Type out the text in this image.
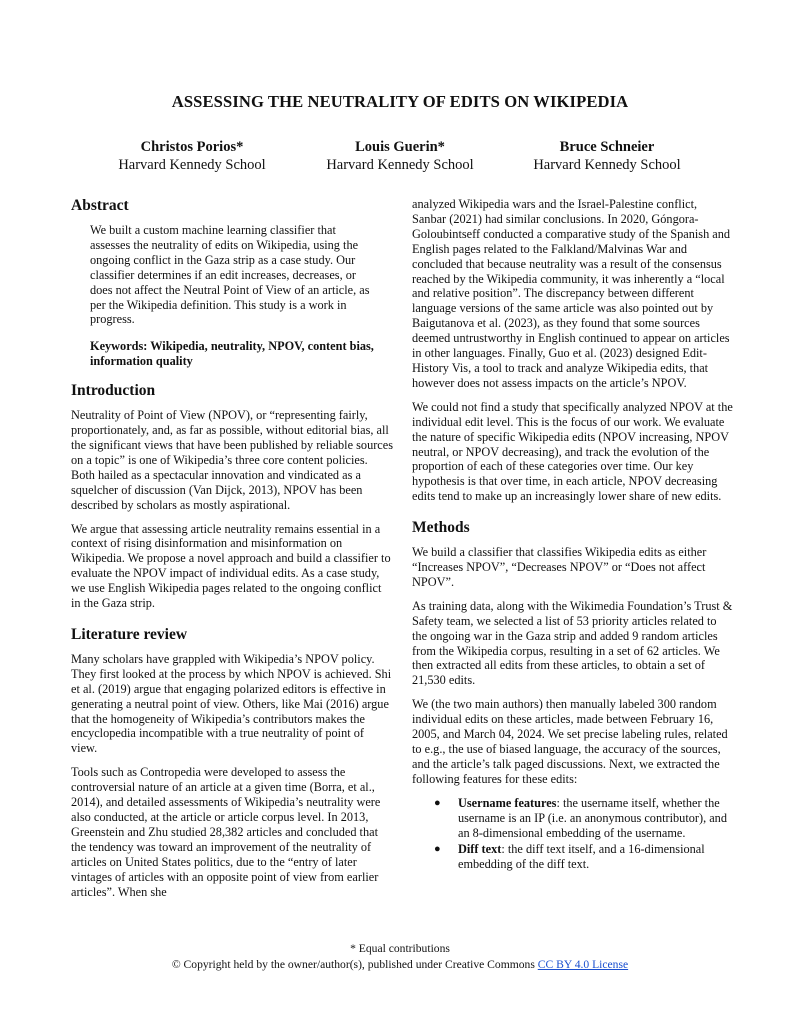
ASSESSING THE NEUTRALITY OF EDITS ON WIKIPEDIA
Christos Porios*
Harvard Kennedy School
Louis Guerin*
Harvard Kennedy School
Bruce Schneier
Harvard Kennedy School
Abstract

We built a custom machine learning classifier that assesses the neutrality of edits on Wikipedia, using the ongoing conflict in the Gaza strip as a case study. Our classifier determines if an edit increases, decreases, or does not affect the Neutral Point of View of an article, as per the Wikipedia definition. This study is a work in progress.

Keywords: Wikipedia, neutrality, NPOV, content bias, information quality

Introduction

Neutrality of Point of View (NPOV), or “representing fairly, proportionately, and, as far as possible, without editorial bias, all the significant views that have been published by reliable sources on a topic” is one of Wikipedia’s three core content policies. Both hailed as a spectacular innovation and vindicated as a squelcher of discussion (Van Dijck, 2013), NPOV has been described by scholars as mostly aspirational.

We argue that assessing article neutrality remains essential in a context of rising disinformation and misinformation on Wikipedia. We propose a novel approach and build a classifier to evaluate the NPOV impact of individual edits. As a case study, we use English Wikipedia pages related to the ongoing conflict in the Gaza strip.

Literature review

Many scholars have grappled with Wikipedia’s NPOV policy. They first looked at the process by which NPOV is achieved. Shi et al. (2019) argue that engaging polarized editors is effective in generating a neutral point of view. Others, like Mai (2016) argue that the homogeneity of Wikipedia’s contributors makes the encyclopedia incompatible with a true neutrality of point of view.

Tools such as Contropedia were developed to assess the controversial nature of an article at a given time (Borra, et al., 2014), and detailed assessments of Wikipedia’s neutrality were also conducted, at the article or article corpus level. In 2013, Greenstein and Zhu studied 28,382 articles and concluded that the tendency was toward an improvement of the neutrality of articles on United States politics, due to the “entry of later vintages of articles with an opposite point of view from earlier articles”. When she

analyzed Wikipedia wars and the Israel-Palestine conflict, Sanbar (2021) had similar conclusions. In 2020, Góngora-Goloubintseff conducted a comparative study of the Spanish and English pages related to the Falkland/Malvinas War and concluded that because neutrality was a result of the consensus reached by the Wikipedia community, it was inherently a “local and relative position”. The discrepancy between different language versions of the same article was also pointed out by Baigutanova et al. (2023), as they found that some sources deemed untrustworthy in English continued to appear on articles in other languages. Finally, Guo et al. (2023) designed Edit-History Vis, a tool to track and analyze Wikipedia edits, that however does not assess impacts on the article’s NPOV.

We could not find a study that specifically analyzed NPOV at the individual edit level. This is the focus of our work. We evaluate the nature of specific Wikipedia edits (NPOV increasing, NPOV neutral, or NPOV decreasing), and track the evolution of the proportion of each of these categories over time. Our key hypothesis is that over time, in each article, NPOV decreasing edits tend to make up an increasingly lower share of new edits.

Methods

We build a classifier that classifies Wikipedia edits as either “Increases NPOV”, “Decreases NPOV” or “Does not affect NPOV”.

As training data, along with the Wikimedia Foundation’s Trust & Safety team, we selected a list of 53 priority articles related to the ongoing war in the Gaza strip and added 9 random articles from the Wikipedia corpus, resulting in a set of 62 articles. We then extracted all edits from these articles, to obtain a set of 21,530 edits.

We (the two main authors) then manually labeled 300 random individual edits on these articles, made between February 16, 2005, and March 04, 2024. We set precise labeling rules, related to e.g., the use of biased language, the accuracy of the sources, and the article’s talk paged discussions. Next, we extracted the following features for these edits:

● Username features: the username itself, whether the username is an IP (i.e. an anonymous contributor), and an 8-dimensional embedding of the username.
● Diff text: the diff text itself, and a 16-dimensional embedding of the diff text.
* Equal contributions
© Copyright held by the owner/author(s), published under Creative Commons CC BY 4.0 License
